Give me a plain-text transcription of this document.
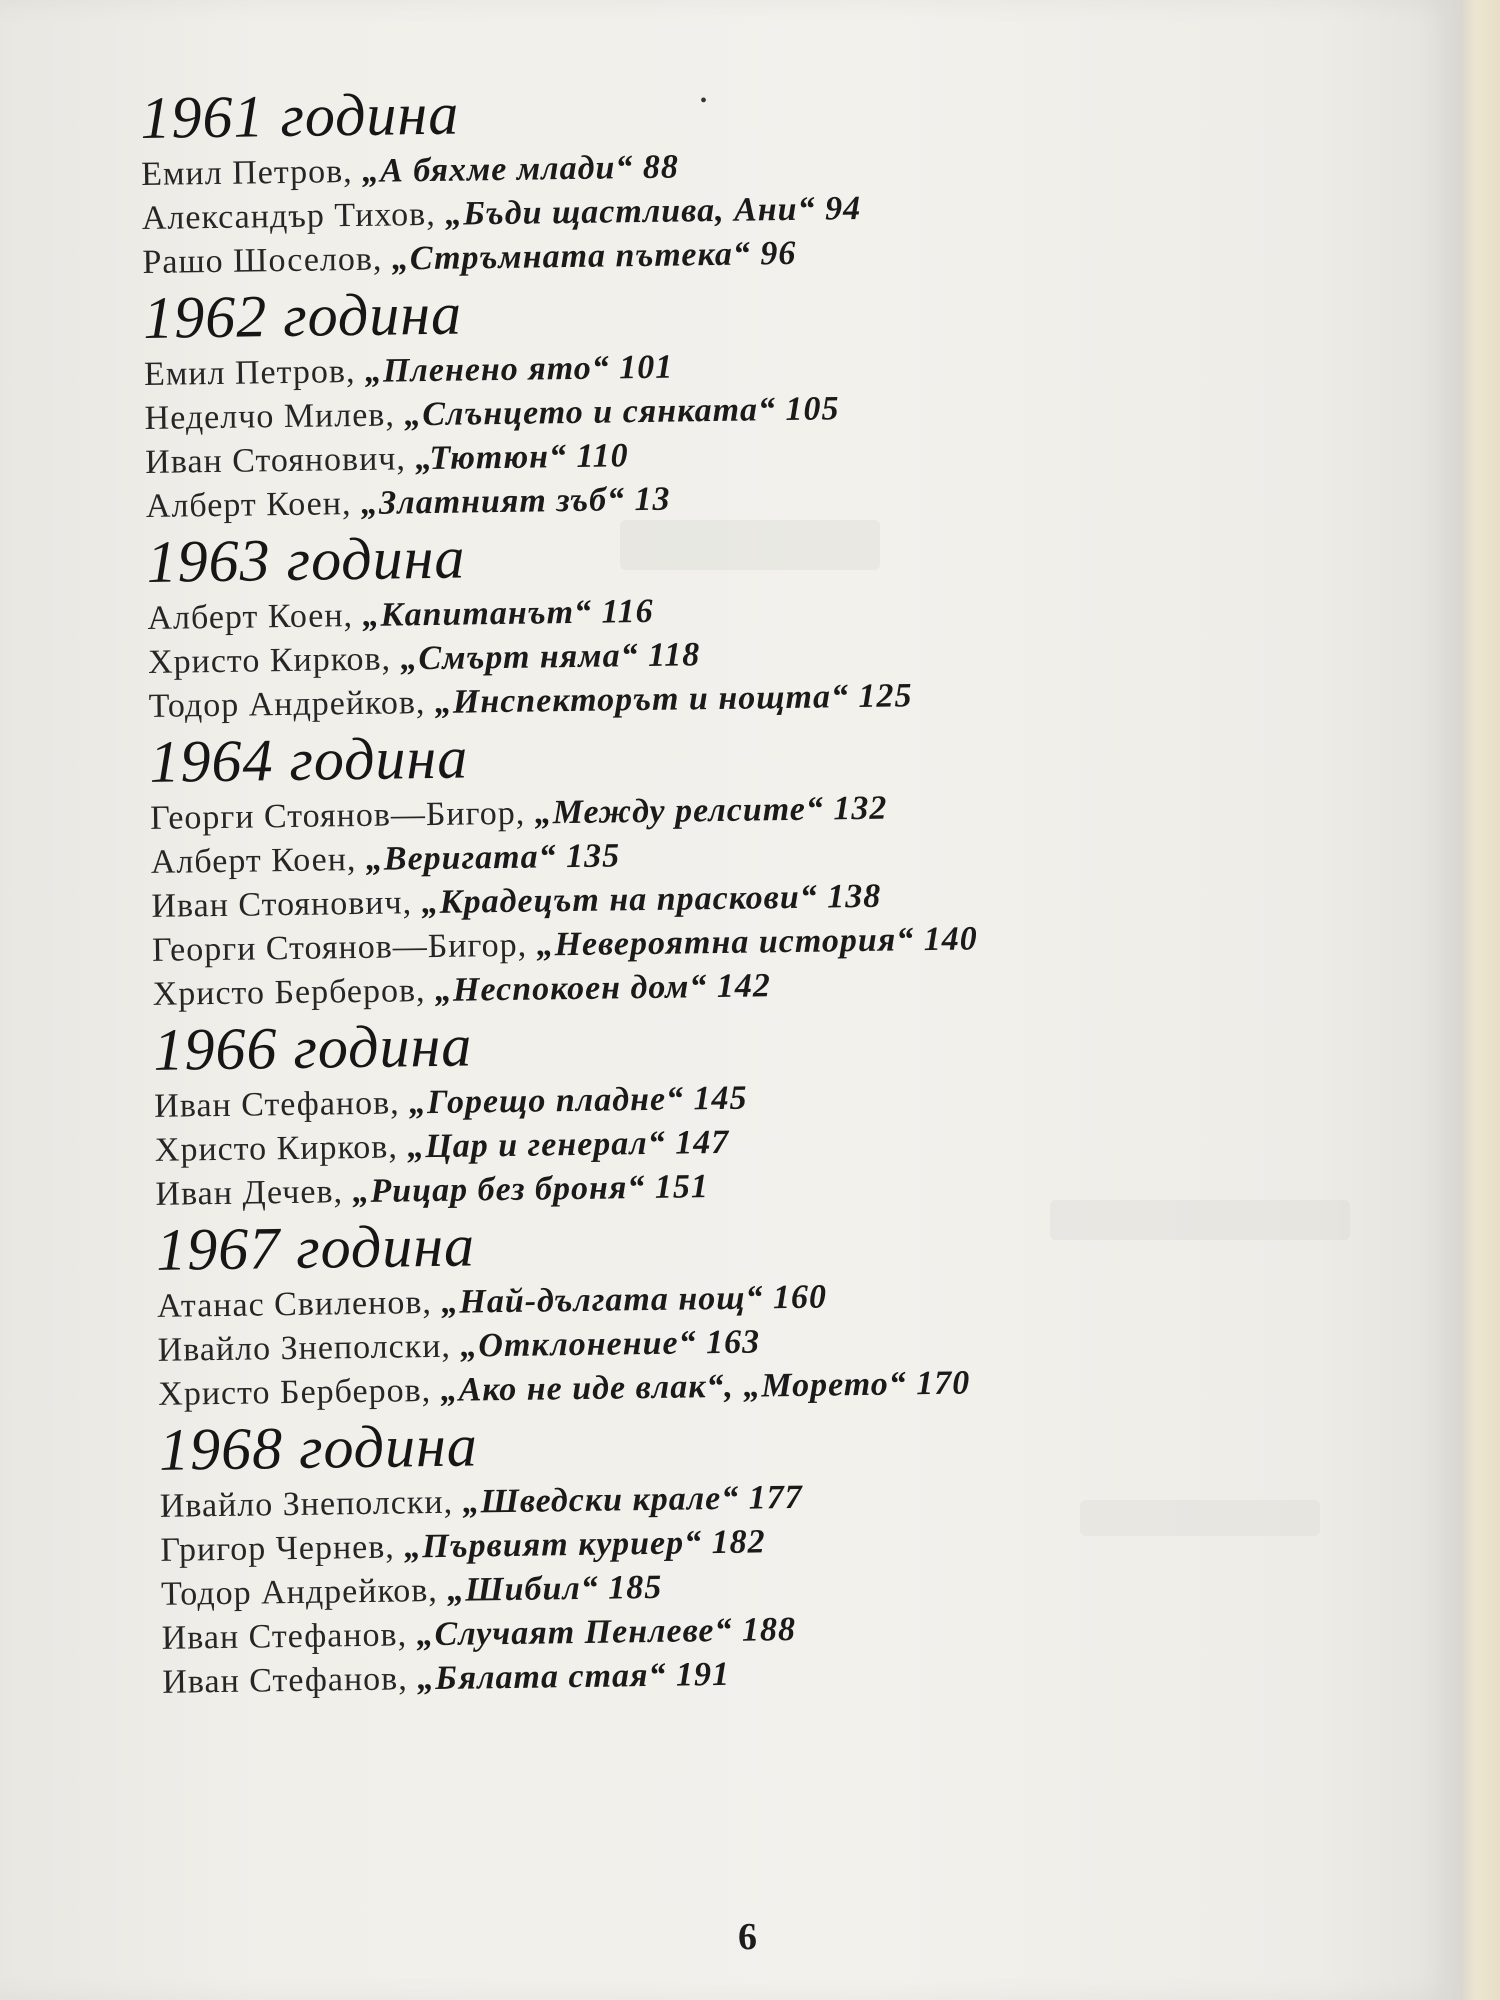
•
1961 година
Емил Петров, „А бяхме млади“ 88
Александър Тихов, „Бъди щастлива, Ани“ 94
Рашо Шоселов, „Стръмната пътека“ 96
1962 година
Емил Петров, „Пленено ято“ 101
Неделчо Милев, „Слънцето и сянката“ 105
Иван Стоянович, „Тютюн“ 110
Алберт Коен, „Златният зъб“ 13
1963 година
Алберт Коен, „Капитанът“ 116
Христо Кирков, „Смърт няма“ 118
Тодор Андрейков, „Инспекторът и нощта“ 125
1964 година
Георги Стоянов—Бигор, „Между релсите“ 132
Алберт Коен, „Веригата“ 135
Иван Стоянович, „Крадецът на праскови“ 138
Георги Стоянов—Бигор, „Невероятна история“ 140
Христо Берберов, „Неспокоен дом“ 142
1966 година
Иван Стефанов, „Горещо пладне“ 145
Христо Кирков, „Цар и генерал“ 147
Иван Дечев, „Рицар без броня“ 151
1967 година
Атанас Свиленов, „Най-дългата нощ“ 160
Ивайло Знеполски, „Отклонение“ 163
Христо Берберов, „Ако не иде влак“, „Морето“ 170
1968 година
Ивайло Знеполски, „Шведски крале“ 177
Григор Чернев, „Първият куриер“ 182
Тодор Андрейков, „Шибил“ 185
Иван Стефанов, „Случаят Пенлеве“ 188
Иван Стефанов, „Бялата стая“ 191
6
